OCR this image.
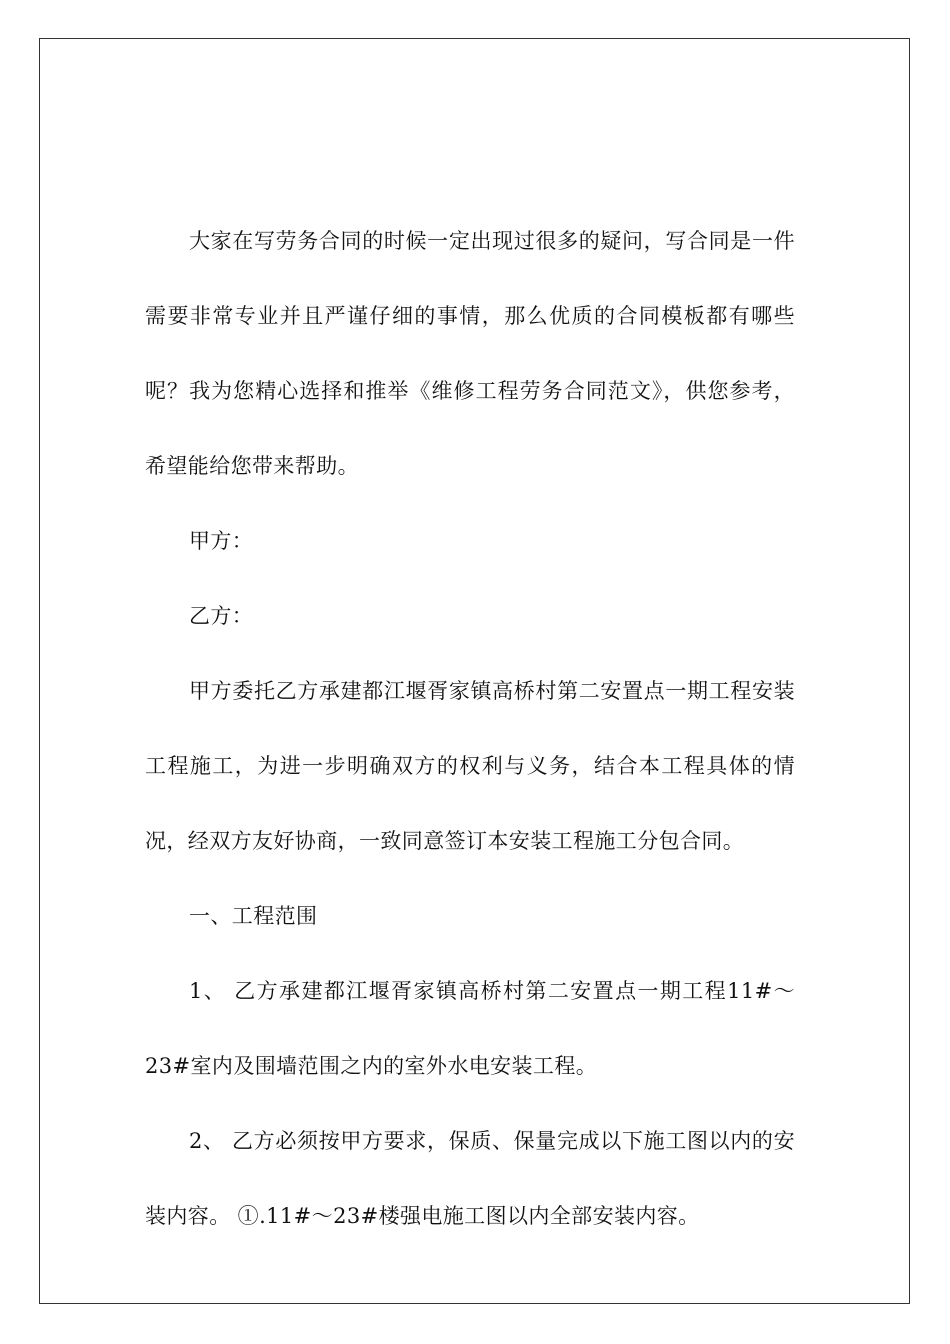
大家在写劳务合同的时候一定出现过很多的疑问，写合同是一件需要非常专业并且严谨仔细的事情，那么优质的合同模板都有哪些呢？我为您精心选择和推举《维修工程劳务合同范文》，供您参考，希望能给您带来帮助。

甲方：

乙方：

甲方委托乙方承建都江堰胥家镇高桥村第二安置点一期工程安装工程施工，为进一步明确双方的权利与义务，结合本工程具体的情况，经双方友好协商，一致同意签订本安装工程施工分包合同。

一、工程范围

1、 乙方承建都江堰胥家镇高桥村第二安置点一期工程11#～23#室内及围墙范围之内的室外水电安装工程。

2、 乙方必须按甲方要求，保质、保量完成以下施工图以内的安装内容。 ①.11#～23#楼强电施工图以内全部安装内容。
